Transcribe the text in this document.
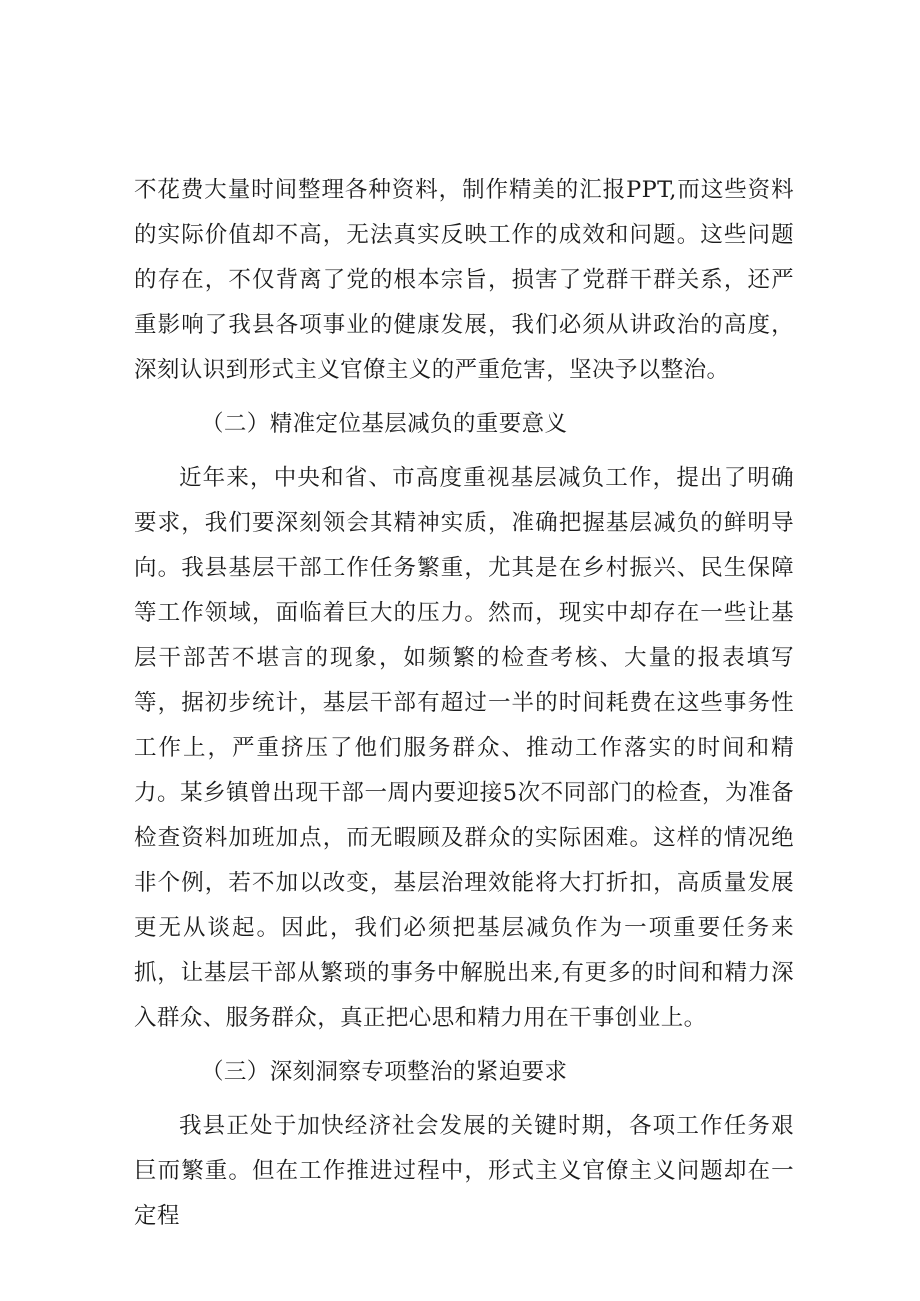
不花费大量时间整理各种资料，制作精美的汇报PPT,而这些资料的实际价值却不高，无法真实反映工作的成效和问题。这些问题的存在，不仅背离了党的根本宗旨，损害了党群干群关系，还严重影响了我县各项事业的健康发展，我们必须从讲政治的高度，深刻认识到形式主义官僚主义的严重危害，坚决予以整治。

（二）精准定位基层减负的重要意义

近年来，中央和省、市高度重视基层减负工作，提出了明确要求，我们要深刻领会其精神实质，准确把握基层减负的鲜明导向。我县基层干部工作任务繁重，尤其是在乡村振兴、民生保障等工作领域，面临着巨大的压力。然而，现实中却存在一些让基层干部苦不堪言的现象，如频繁的检查考核、大量的报表填写等，据初步统计，基层干部有超过一半的时间耗费在这些事务性工作上，严重挤压了他们服务群众、推动工作落实的时间和精力。某乡镇曾出现干部一周内要迎接5次不同部门的检查，为准备检查资料加班加点，而无暇顾及群众的实际困难。这样的情况绝非个例，若不加以改变，基层治理效能将大打折扣，高质量发展更无从谈起。因此，我们必须把基层减负作为一项重要任务来抓，让基层干部从繁琐的事务中解脱出来,有更多的时间和精力深入群众、服务群众，真正把心思和精力用在干事创业上。

（三）深刻洞察专项整治的紧迫要求

我县正处于加快经济社会发展的关键时期，各项工作任务艰巨而繁重。但在工作推进过程中，形式主义官僚主义问题却在一定程
